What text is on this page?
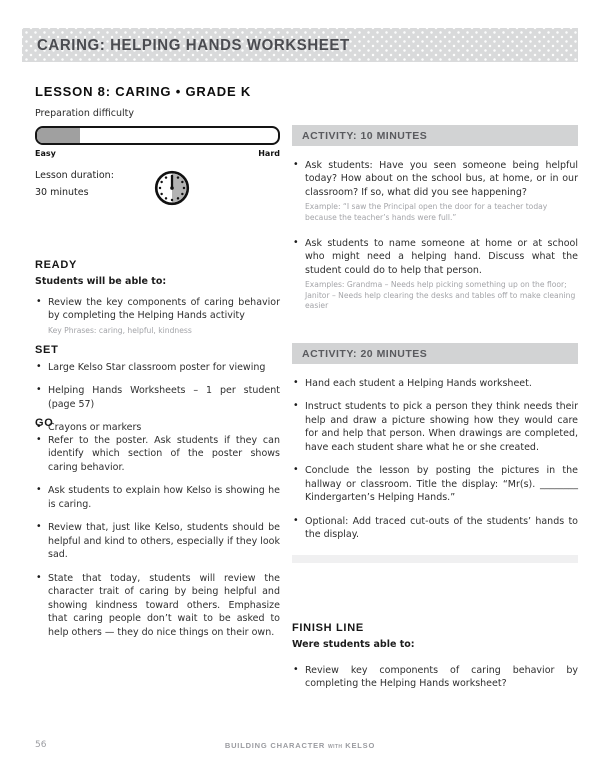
CARING: HELPING HANDS WORKSHEET

LESSON 8: CARING • GRADE K

Preparation difficulty

Easy	Hard
Lesson duration:
30 minutes

READY

Students will be able to:

• Review the key components of caring behavior by completing the Helping Hands activity

Key Phrases: caring, helpful, kindness

SET

• Large Kelso Star classroom poster for viewing

• Helping Hands Worksheets – 1 per student (page 57)

• Crayons or markers

GO

• Refer to the poster. Ask students if they can identify which section of the poster shows caring behavior.

• Ask students to explain how Kelso is showing he is caring.

• Review that, just like Kelso, students should be helpful and kind to others, especially if they look sad.

• State that today, students will review the character trait of caring by being helpful and showing kindness toward others. Emphasize that caring people don’t wait to be asked to help others — they do nice things on their own.

ACTIVITY: 10 MINUTES

• Ask students: Have you seen someone being helpful today? How about on the school bus, at home, or in our classroom? If so, what did you see happening?

Example: “I saw the Principal open the door for a teacher today because the teacher’s hands were full.”

• Ask students to name someone at home or at school who might need a helping hand. Discuss what the student could do to help that person.

Examples: Grandma – Needs help picking something up on the floor; Janitor – Needs help clearing the desks and tables off to make cleaning easier

ACTIVITY: 20 MINUTES

• Hand each student a Helping Hands worksheet.

• Instruct students to pick a person they think needs their help and draw a picture showing how they would care for and help that person. When drawings are completed, have each student share what he or she created.

• Conclude the lesson by posting the pictures in the hallway or classroom. Title the display: “Mr(s). ________ Kindergarten’s Helping Hands.”

• Optional: Add traced cut-outs of the students’ hands to the display.

FINISH LINE

Were students able to:

• Review key components of caring behavior by completing the Helping Hands worksheet?

56	BUILDING CHARACTER WITH KELSO
